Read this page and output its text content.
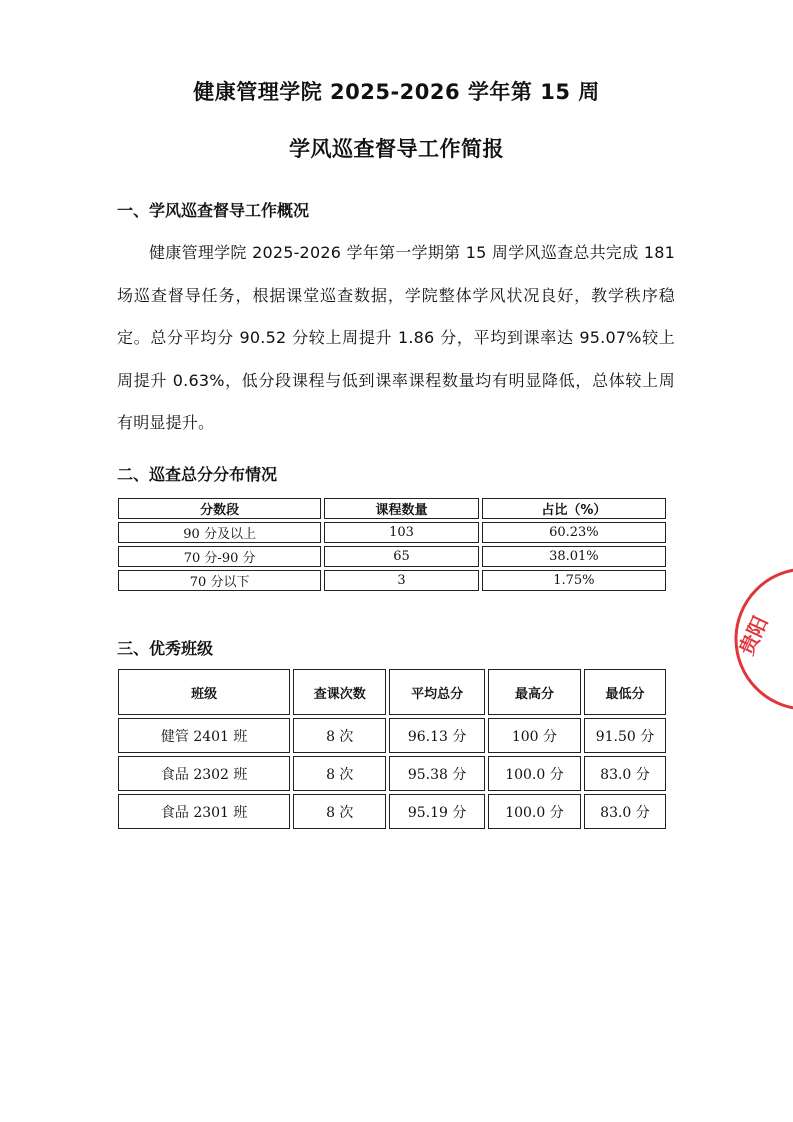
健康管理学院 2025-2026 学年第 15 周
学风巡查督导工作简报
一、学风巡查督导工作概况
健康管理学院 2025-2026 学年第一学期第 15 周学风巡查总共完成 181 场巡查督导任务，根据课堂巡查数据，学院整体学风状况良好，教学秩序稳定。总分平均分 90.52 分较上周提升 1.86 分，平均到课率达 95.07%较上周提升 0.63%，低分段课程与低到课率课程数量均有明显降低，总体较上周有明显提升。
二、巡查总分分布情况
分数段	课程数量	占比（%）
90 分及以上	103	60.23%
70 分-90 分	65	38.01%
70 分以下	3	1.75%
三、优秀班级
班级	查课次数	平均总分	最高分	最低分
健管 2401 班	8 次	96.13 分	100 分	91.50 分
食品 2302 班	8 次	95.38 分	100.0 分	83.0 分
食品 2301 班	8 次	95.19 分	100.0 分	83.0 分
贵阳
